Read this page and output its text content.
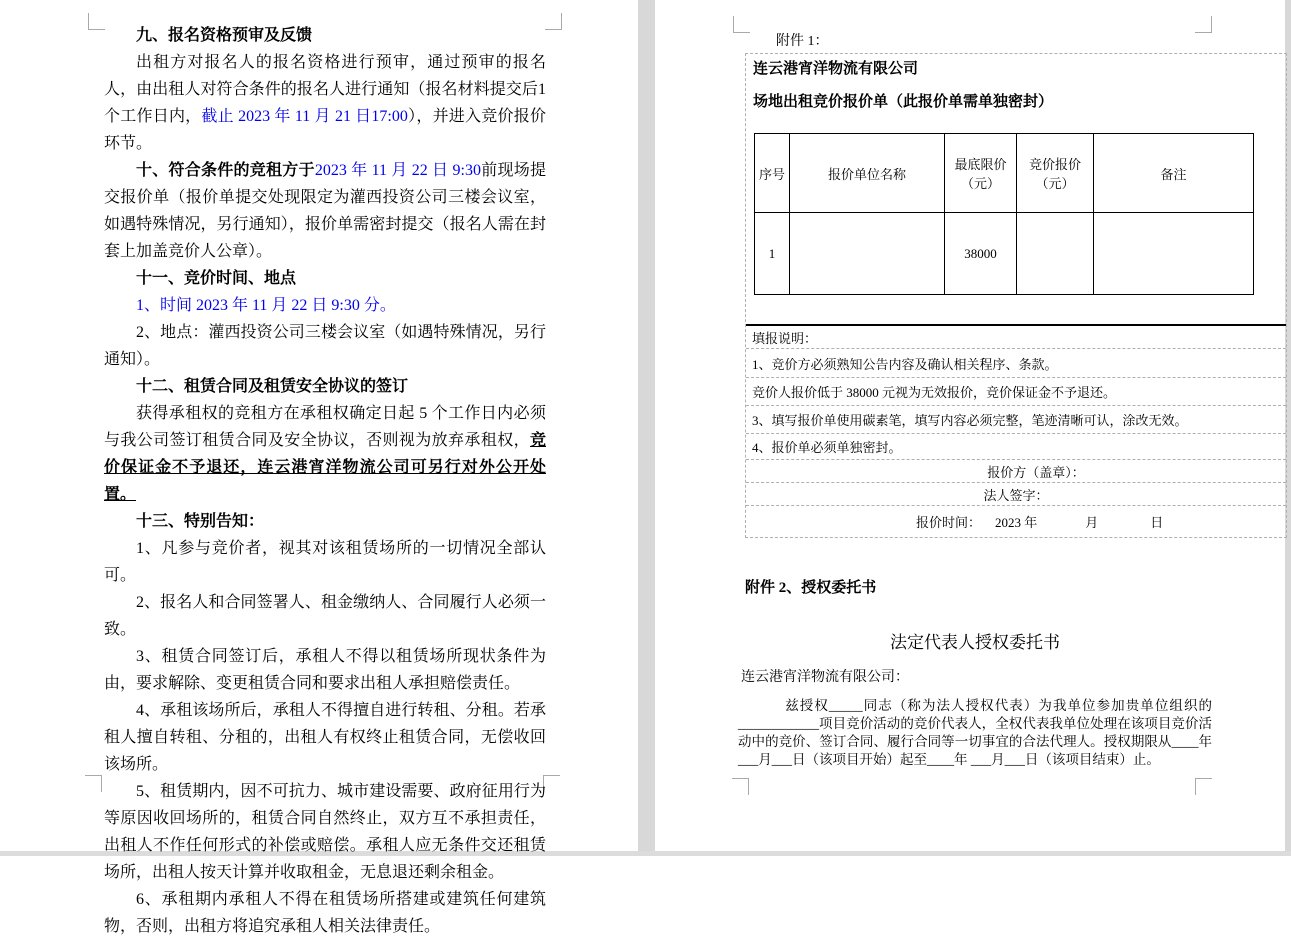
九、报名资格预审及反馈

出租方对报名人的报名资格进行预审，通过预审的报名人，由出租人对符合条件的报名人进行通知（报名材料提交后1 个工作日内，截止 2023 年 11 月 21 日17:00），并进入竞价报价环节。

十、符合条件的竞租方于2023 年 11 月 22 日 9:30前现场提交报价单（报价单提交处现限定为灌西投资公司三楼会议室，如遇特殊情况，另行通知），报价单需密封提交（报名人需在封套上加盖竞价人公章）。

十一、竞价时间、地点

1、时间 2023 年 11 月 22 日 9:30 分。

2、地点：灌西投资公司三楼会议室（如遇特殊情况，另行通知）。

十二、租赁合同及租赁安全协议的签订

获得承租权的竞租方在承租权确定日起 5 个工作日内必须与我公司签订租赁合同及安全协议，否则视为放弃承租权，竞价保证金不予退还，连云港宵洋物流公司可另行对外公开处置。

十三、特别告知：

1、凡参与竞价者，视其对该租赁场所的一切情况全部认可。

2、报名人和合同签署人、租金缴纳人、合同履行人必须一致。

3、租赁合同签订后，承租人不得以租赁场所现状条件为由，要求解除、变更租赁合同和要求出租人承担赔偿责任。

4、承租该场所后，承租人不得擅自进行转租、分租。若承租人擅自转租、分租的，出租人有权终止租赁合同，无偿收回该场所。

5、租赁期内，因不可抗力、城市建设需要、政府征用行为等原因收回场所的，租赁合同自然终止，双方互不承担责任，出租人不作任何形式的补偿或赔偿。承租人应无条件交还租赁场所，出租人按天计算并收取租金，无息退还剩余租金。

6、承租期内承租人不得在租赁场所搭建或建筑任何建筑物，否则，出租方将追究承租人相关法律责任。

附件 1：

连云港宵洋物流有限公司

场地出租竞价报价单（此报价单需单独密封）

序号	报价单位名称	最底限价（元）	竞价报价（元）	备注
1		38000		
填报说明：
1、竞价方必须熟知公告内容及确认相关程序、条款。
竞价人报价低于 38000 元视为无效报价，竞价保证金不予退还。
3、填写报价单使用碳素笔，填写内容必须完整，笔迹清晰可认，涂改无效。
4、报价单必须单独密封。
报价方（盖章）：
法人签字：
报价时间： 2023 年	月	日
附件 2、授权委托书
法定代表人授权委托书
连云港宵洋物流有限公司：
兹授权_____同志（称为法人授权代表）为我单位参加贵单位组织的____________项目竞价活动的竞价代表人，全权代表我单位处理在该项目竞价活动中的竞价、签订合同、履行合同等一切事宜的合法代理人。授权期限从____年___月___日（该项目开始）起至____年 ___月___日（该项目结束）止。
